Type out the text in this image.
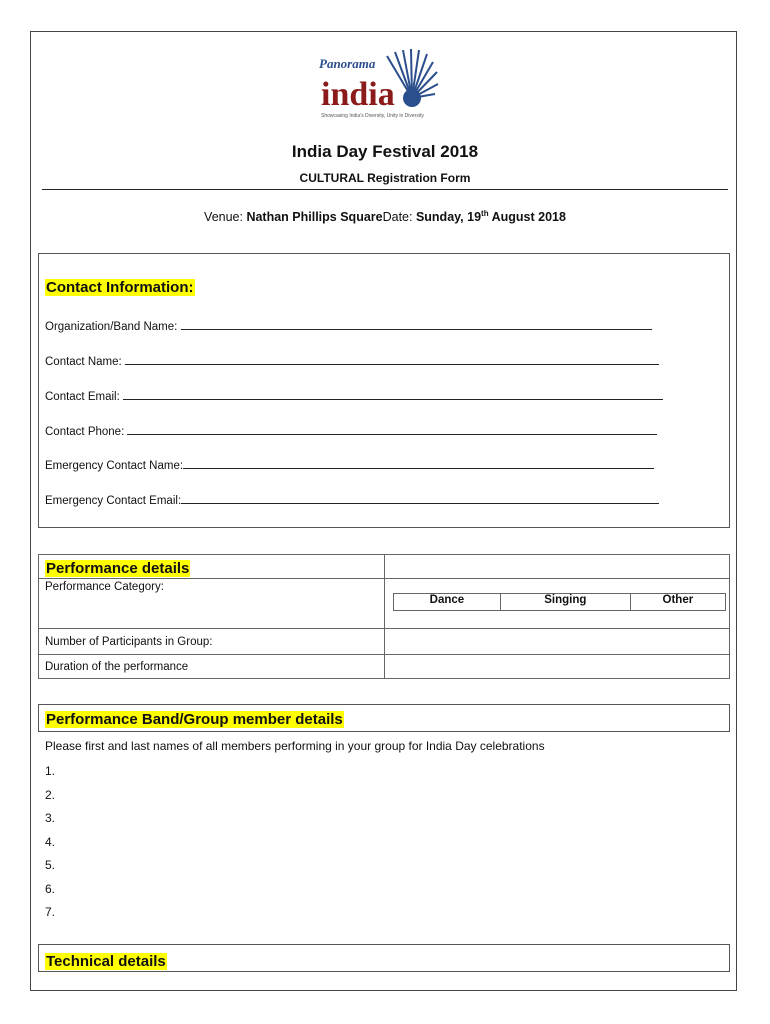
Panorama
india
Showcasing India's Diversity, Unity in Diversity
India Day Festival 2018
CULTURAL Registration Form
Venue: Nathan Phillips SquareDate: Sunday, 19th August 2018
Contact Information:
Organization/Band Name:
Contact Name:
Contact Email:
Contact Phone:
Emergency Contact Name:
Emergency Contact Email:
Performance details	

Performance Category:

Dance	Singing	Other

Number of Participants in Group:	
Duration of the performance	
Performance Band/Group member details
Please first and last names of all members performing in your group for India Day celebrations
1.
2.
3.
4.
5.
6.
7.
Technical details
